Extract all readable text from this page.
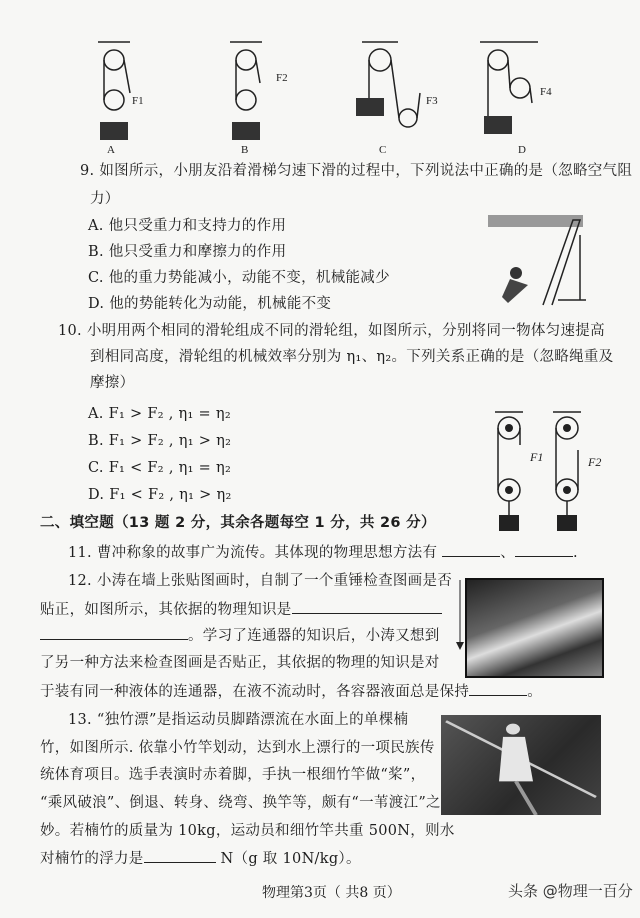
A	B	C	D
F1
F2
F3
F4
9. 如图所示，小朋友沿着滑梯匀速下滑的过程中，下列说法中正确的是（忽略空气阻
力）
A. 他只受重力和支持力的作用
B. 他只受重力和摩擦力的作用
C. 他的重力势能减小，动能不变，机械能减少
D. 他的势能转化为动能，机械能不变
10. 小明用两个相同的滑轮组成不同的滑轮组，如图所示，分别将同一物体匀速提高
到相同高度，滑轮组的机械效率分别为 η₁、η₂。下列关系正确的是（忽略绳重及
摩擦）
A. F₁ > F₂ , η₁ = η₂
B. F₁ > F₂ , η₁ > η₂
C. F₁ < F₂ , η₁ = η₂
D. F₁ < F₂ , η₁ > η₂
F1	F2
二、填空题（13 题 2 分，其余各题每空 1 分，共 26 分）
11. 曹冲称象的故事广为流传。其体现的物理思想方法有	、	.
12. 小涛在墙上张贴图画时，自制了一个重锤检查图画是否
贴正，如图所示，其依据的物理知识是
。学习了连通器的知识后，小涛又想到
了另一种方法来检查图画是否贴正，其依据的物理的知识是对
于装有同一种液体的连通器，在液不流动时，各容器液面总是保持	。
13. “独竹漂”是指运动员脚踏漂流在水面上的单棵楠
竹，如图所示. 依靠小竹竿划动，达到水上漂行的一项民族传
统体育项目。选手表演时赤着脚，手执一根细竹竿做“桨”，
“乘风破浪”、倒退、转身、绕弯、换竿等，颇有“一苇渡江”之
妙。若楠竹的质量为 10kg，运动员和细竹竿共重 500N，则水
对楠竹的浮力是	N（g 取 10N/kg）。
物理第3页（ 共8 页）	头条 @物理一百分
